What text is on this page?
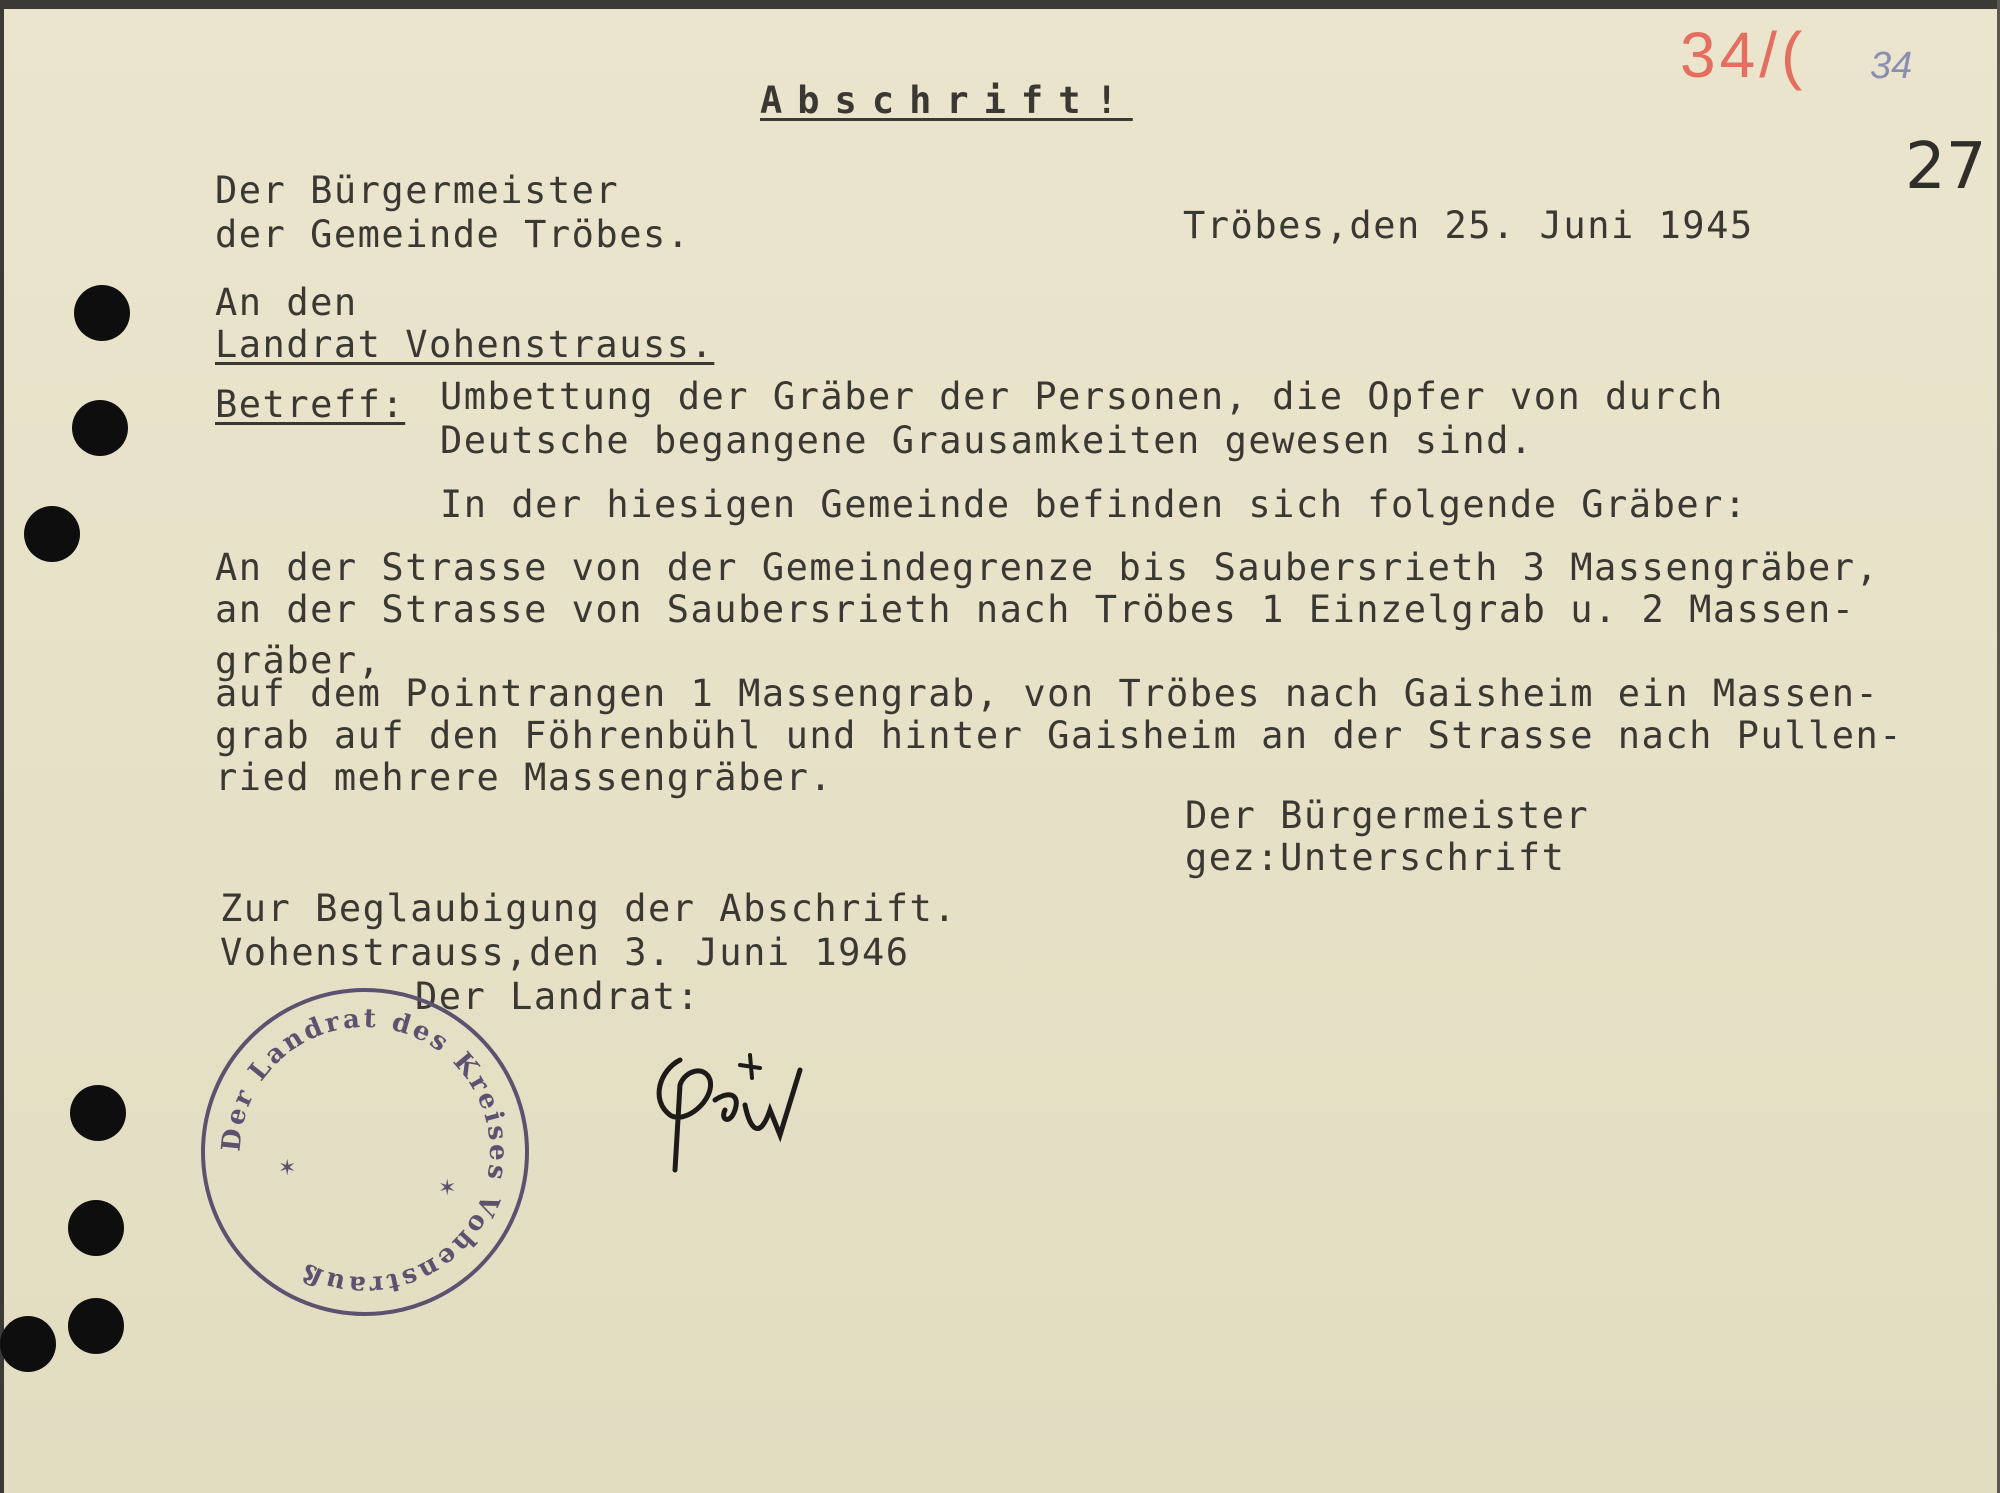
34/( 34

27

Abschrift!

Der Bürgermeister

der Gemeinde Tröbes.	Tröbes,den 25. Juni 1945

An den

Landrat Vohenstrauss.

Betreff: Umbettung der Gräber der Personen, die Opfer von durch

Deutsche begangene Grausamkeiten gewesen sind.

In der hiesigen Gemeinde befinden sich folgende Gräber:

An der Strasse von der Gemeindegrenze bis Saubersrieth 3 Massengräber,

an der Strasse von Saubersrieth nach Tröbes 1 Einzelgrab u. 2 Massen-

gräber,

auf dem Pointrangen 1 Massengrab, von Tröbes nach Gaisheim ein Massen-

grab auf den Föhrenbühl und hinter Gaisheim an der Strasse nach Pullen-

ried mehrere Massengräber.

Der Bürgermeister

gez:Unterschrift

Zur Beglaubigung der Abschrift.

Vohenstrauss,den 3. Juni 1946

Der Landrat:

Der Landrat des Kreises Vohenstrauß
✶
✶
